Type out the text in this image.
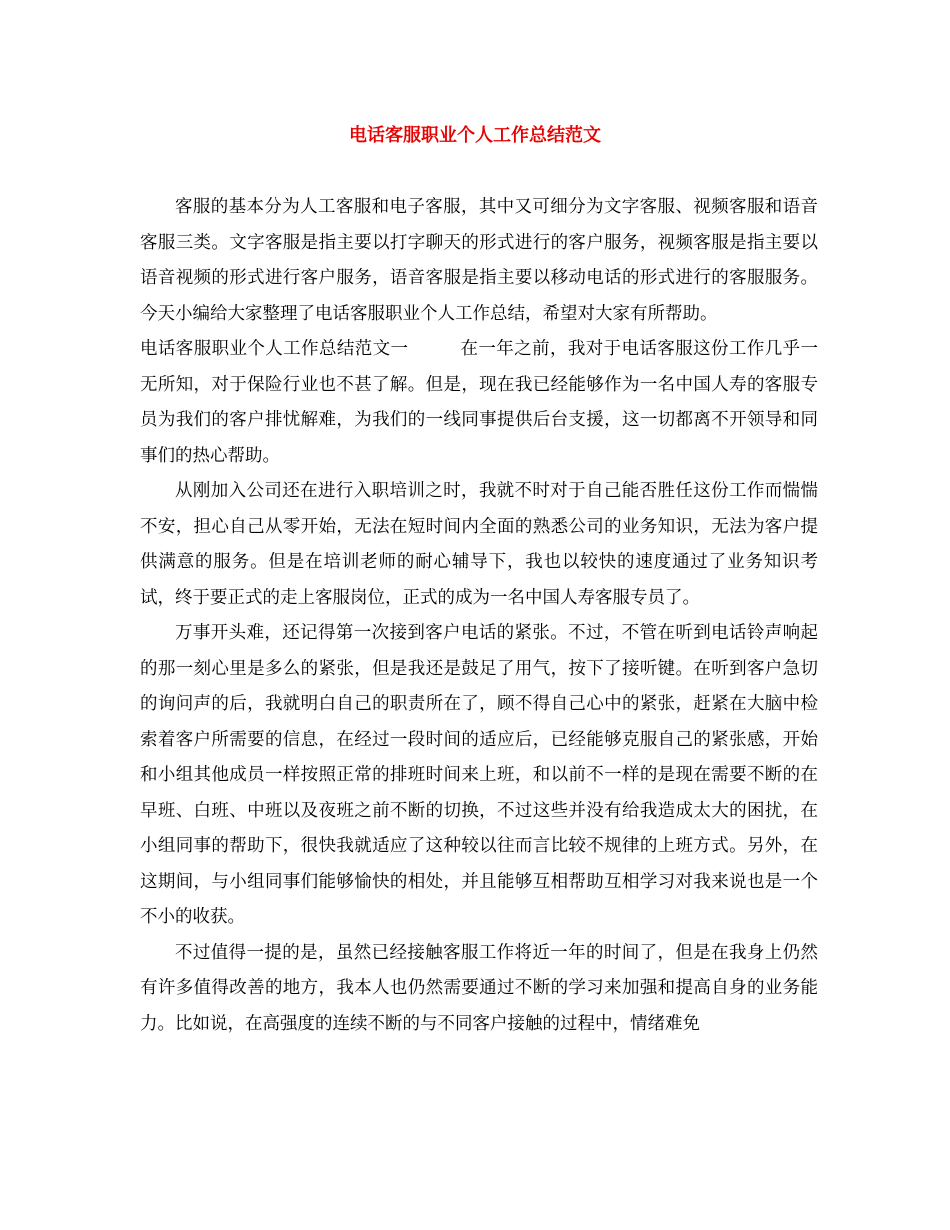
电话客服职业个人工作总结范文

客服的基本分为人工客服和电子客服，其中又可细分为文字客服、视频客服和语音客服三类。文字客服是指主要以打字聊天的形式进行的客户服务，视频客服是指主要以语音视频的形式进行客户服务，语音客服是指主要以移动电话的形式进行的客服服务。今天小编给大家整理了电话客服职业个人工作总结，希望对大家有所帮助。

电话客服职业个人工作总结范文一	在一年之前，我对于电话客服这份工作几乎一无所知，对于保险行业也不甚了解。但是，现在我已经能够作为一名中国人寿的客服专员为我们的客户排忧解难，为我们的一线同事提供后台支援，这一切都离不开领导和同事们的热心帮助。

从刚加入公司还在进行入职培训之时，我就不时对于自己能否胜任这份工作而惴惴不安，担心自己从零开始，无法在短时间内全面的熟悉公司的业务知识，无法为客户提供满意的服务。但是在培训老师的耐心辅导下，我也以较快的速度通过了业务知识考试，终于要正式的走上客服岗位，正式的成为一名中国人寿客服专员了。

万事开头难，还记得第一次接到客户电话的紧张。不过，不管在听到电话铃声响起的那一刻心里是多么的紧张，但是我还是鼓足了用气，按下了接听键。在听到客户急切的询问声的后，我就明白自己的职责所在了，顾不得自己心中的紧张，赶紧在大脑中检索着客户所需要的信息，在经过一段时间的适应后，已经能够克服自己的紧张感，开始和小组其他成员一样按照正常的排班时间来上班，和以前不一样的是现在需要不断的在早班、白班、中班以及夜班之前不断的切换，不过这些并没有给我造成太大的困扰，在小组同事的帮助下，很快我就适应了这种较以往而言比较不规律的上班方式。另外，在这期间，与小组同事们能够愉快的相处，并且能够互相帮助互相学习对我来说也是一个不小的收获。

不过值得一提的是，虽然已经接触客服工作将近一年的时间了，但是在我身上仍然有许多值得改善的地方，我本人也仍然需要通过不断的学习来加强和提高自身的业务能力。比如说，在高强度的连续不断的与不同客户接触的过程中，情绪难免
